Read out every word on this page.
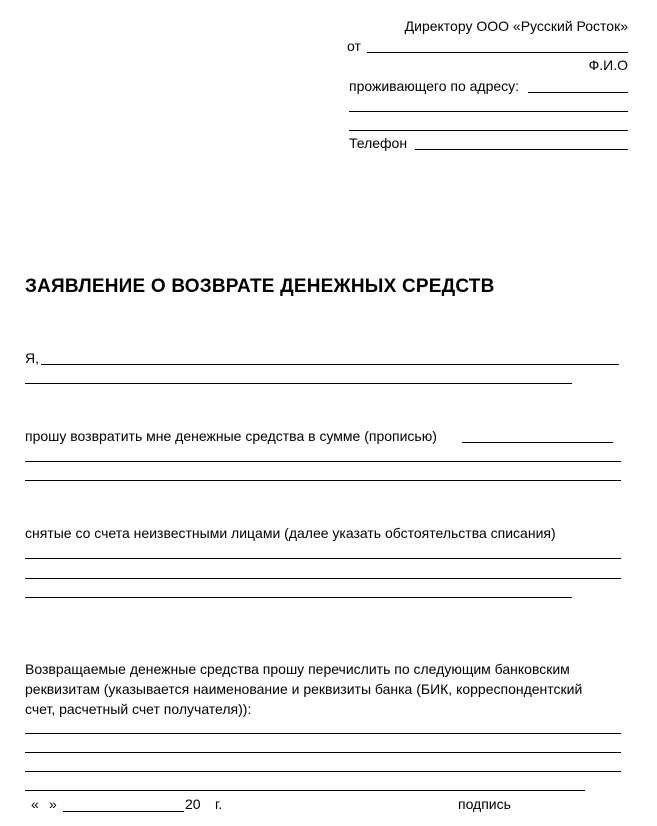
Директору ООО «Русский Росток»
от
Ф.И.О
проживающего по адресу:
Телефон
ЗАЯВЛЕНИЕ О ВОЗВРАТЕ ДЕНЕЖНЫХ СРЕДСТВ
Я,
прошу возвратить мне денежные средства в сумме (прописью)
снятые со счета неизвестными лицами (далее указать обстоятельства списания)
Возвращаемые денежные средства прошу перечислить по следующим банковским
реквизитам (указывается наименование и реквизиты банка (БИК, корреспондентский
счет, расчетный счет получателя)):
« »	20 г.	подпись
